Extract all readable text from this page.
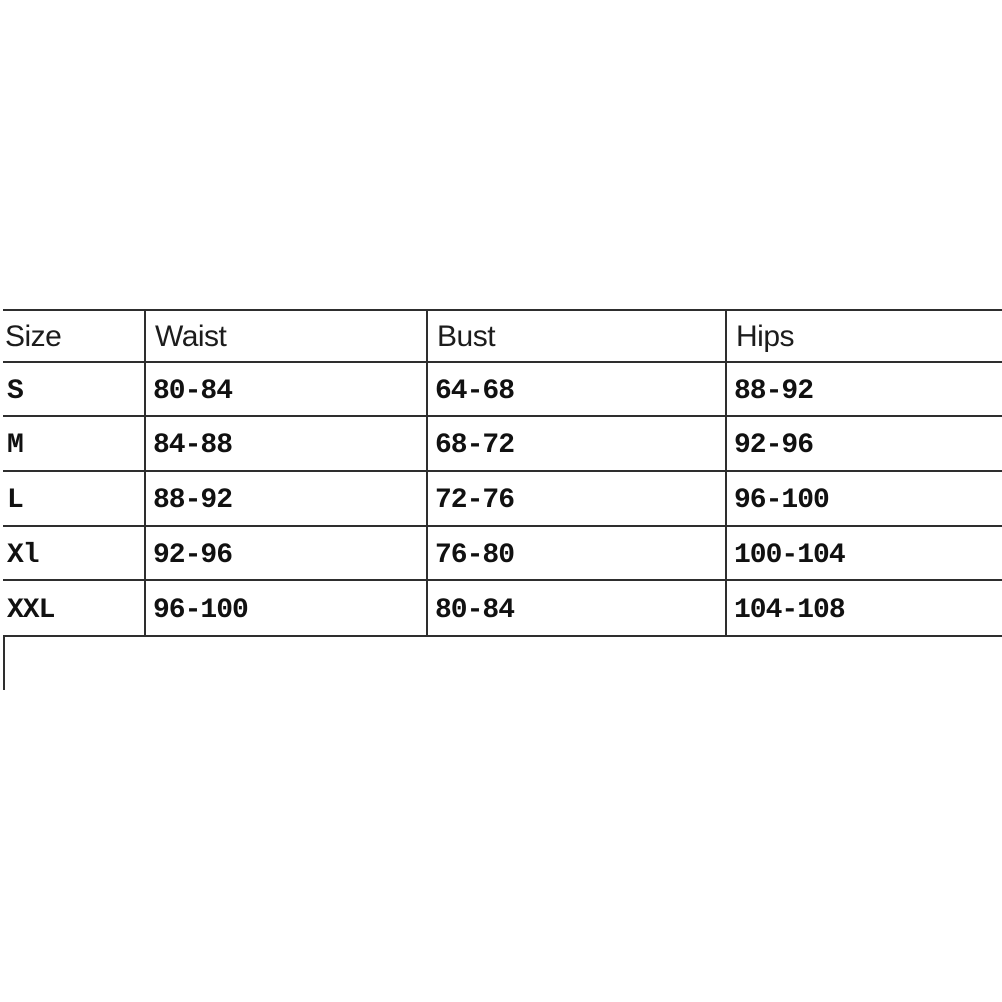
Size	Waist	Bust	Hips
S	80-84	64-68	88-92
M	84-88	68-72	92-96
L	88-92	72-76	96-100
Xl	92-96	76-80	100-104
XXL	96-100	80-84	104-108
